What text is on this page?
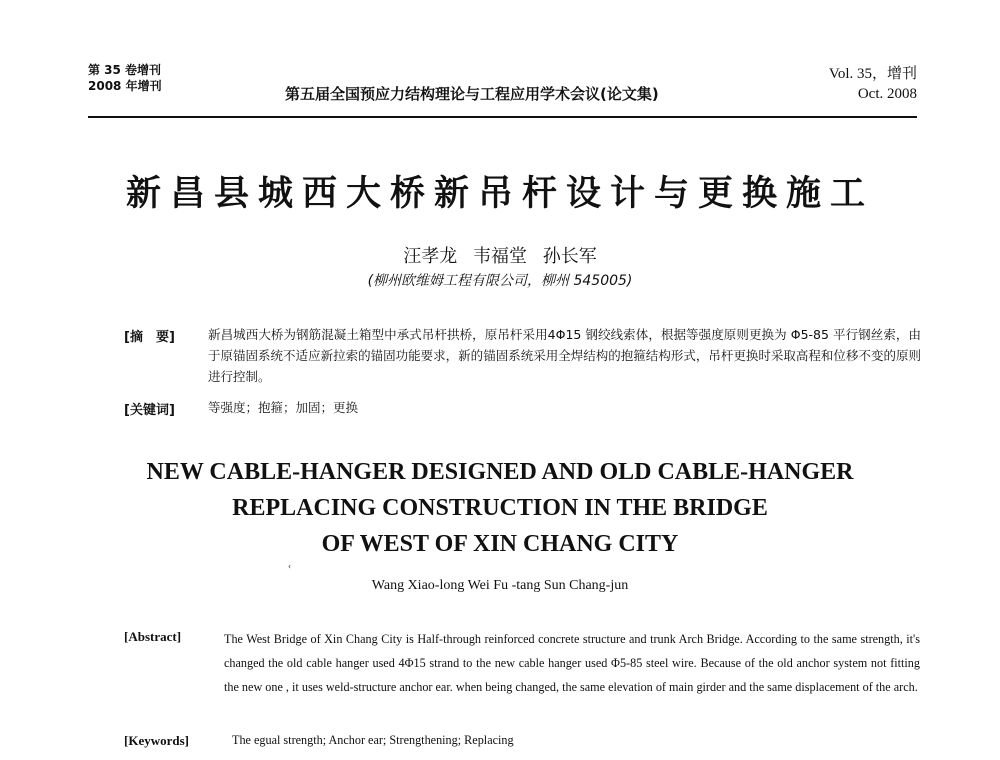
第 35 卷增刊
2008 年增刊	第五届全国预应力结构理论与工程应用学术会议(论文集)
Vol. 35，增刊
Oct. 2008
新昌县城西大桥新吊杆设计与更换施工
汪孝龙 韦福堂 孙长军
(柳州欧维姆工程有限公司，柳州 545005)
[摘　要]	新昌城西大桥为钢筋混凝土箱型中承式吊杆拱桥，原吊杆采用4Φ15 钢绞线索体，根据等强度原则更换为 Φ5-85 平行钢丝索，由于原锚固系统不适应新拉索的锚固功能要求，新的锚固系统采用全焊结构的抱箍结构形式，吊杆更换时采取高程和位移不变的原则进行控制。
[关键词]	等强度；抱箍；加固；更换
NEW CABLE-HANGER DESIGNED AND OLD CABLE-HANGER
REPLACING CONSTRUCTION IN THE BRIDGE
OF WEST OF XIN CHANG CITY
‹
Wang Xiao-long Wei Fu -tang Sun Chang-jun
[Abstract]	The West Bridge of Xin Chang City is Half-through reinforced concrete structure and trunk Arch Bridge. According to the same strength, it's changed the old cable hanger used 4Φ15 strand to the new cable hanger used Φ5-85 steel wire. Because of the old anchor system not fitting the new one , it uses weld-structure anchor ear. when being changed, the same elevation of main girder and the same displacement of the arch.
[Keywords]	The egual strength; Anchor ear; Strengthening; Replacing
